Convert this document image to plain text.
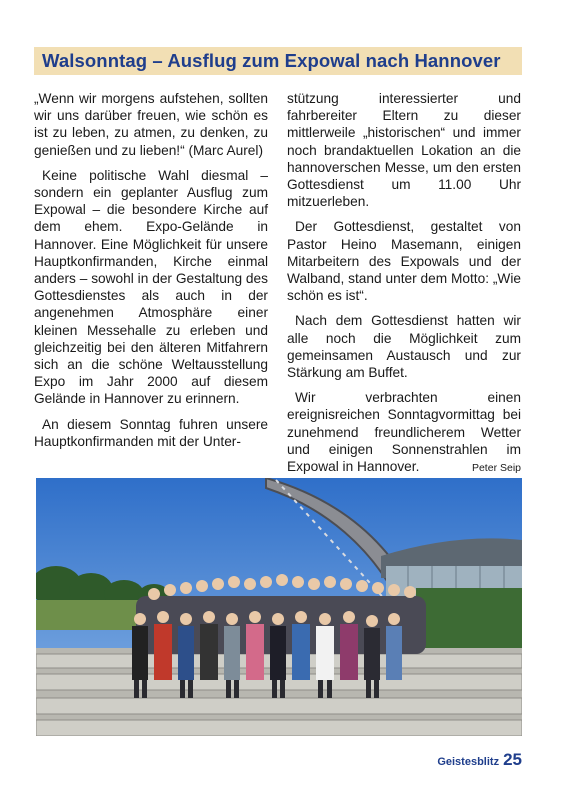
Walsonntag – Ausflug zum Expowal nach Hannover

„Wenn wir morgens aufstehen, sollten wir uns darüber freuen, wie schön es ist zu leben, zu atmen, zu denken, zu genießen und zu lieben!“ (Marc Aurel)

Keine politische Wahl diesmal – sondern ein geplanter Ausflug zum Expowal – die besondere Kirche auf dem ehem. Expo-Gelände in Hannover. Eine Möglichkeit für unsere Hauptkonfirmanden, Kirche einmal anders – sowohl in der Gestaltung des Gottesdienstes als auch in der angenehmen Atmosphäre einer kleinen Messehalle zu erleben und gleichzeitig bei den älteren Mitfahrern sich an die schöne Weltausstellung Expo im Jahr 2000 auf diesem Gelände in Hannover zu erinnern.

An diesem Sonntag fuhren unsere Hauptkonfirmanden mit der Unter-

stützung interessierter und fahrbereiter Eltern zu dieser mittlerweile „historischen“ und immer noch brandaktuellen Lokation an die hannoverschen Messe, um den ersten Gottesdienst um 11.00 Uhr mitzuerleben.

Der Gottesdienst, gestaltet von Pastor Heino Masemann, einigen Mitarbeitern des Expowals und der Walband, stand unter dem Motto: „Wie schön es ist“.

Nach dem Gottesdienst hatten wir alle noch die Möglichkeit zum gemeinsamen Austausch und zur Stärkung am Buffet.

Wir verbrachten einen ereignisreichen Sonntagvormittag bei zunehmend freundlicherem Wetter und einigen Sonnenstrahlen im Expowal in Hannover.	Peter Seip

Geistesblitz 25
